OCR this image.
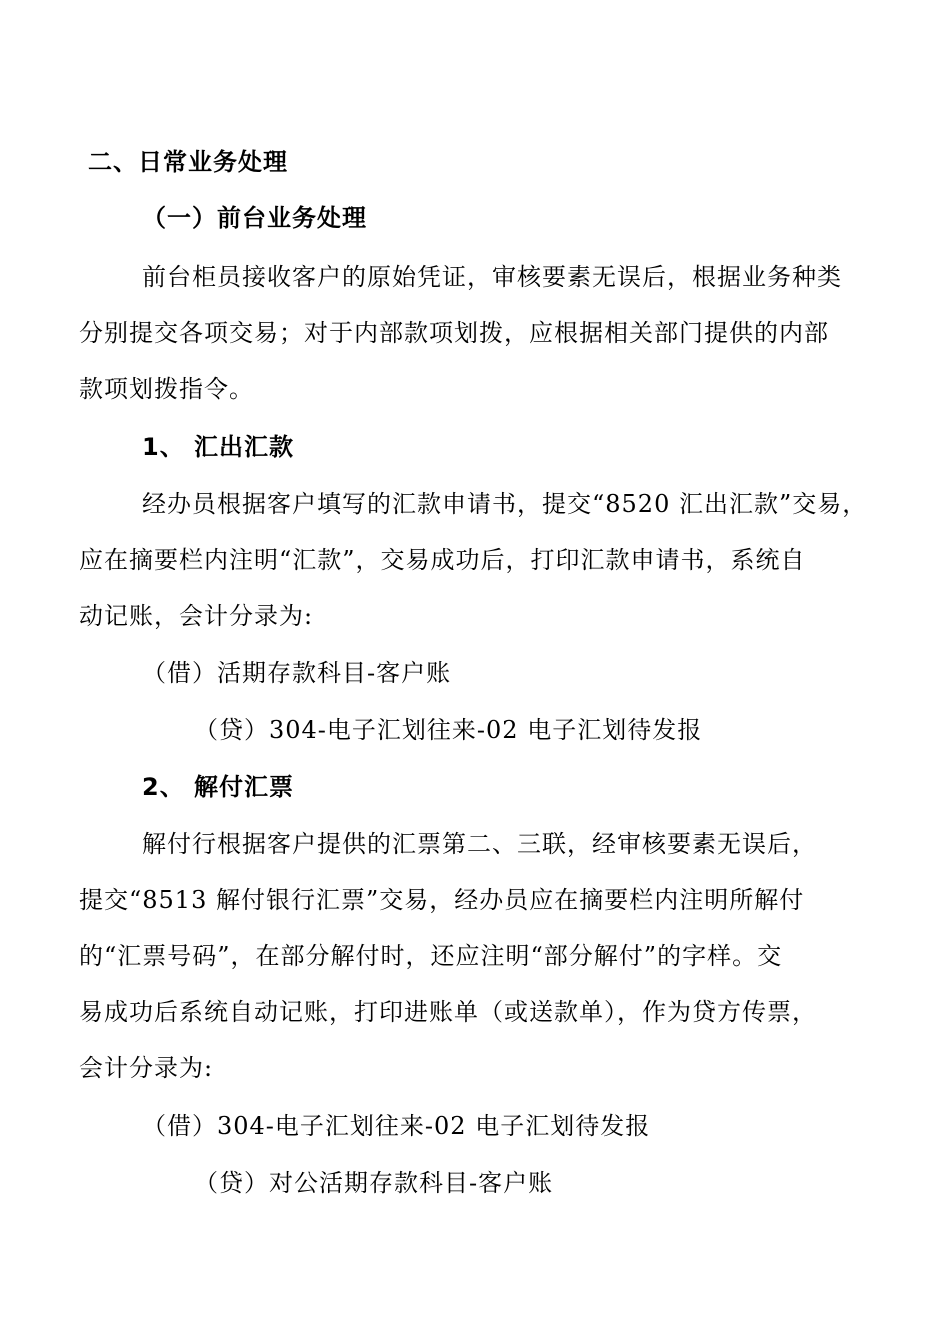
二、日常业务处理
（一）前台业务处理
前台柜员接收客户的原始凭证，审核要素无误后，根据业务种类
分别提交各项交易；对于内部款项划拨，应根据相关部门提供的内部
款项划拨指令。
1、 汇出汇款
经办员根据客户填写的汇款申请书，提交“8520 汇出汇款”交易，
应在摘要栏内注明“汇款”，交易成功后，打印汇款申请书，系统自
动记账，会计分录为:
（借）活期存款科目-客户账
（贷）304-电子汇划往来-02 电子汇划待发报
2、 解付汇票
解付行根据客户提供的汇票第二、三联，经审核要素无误后，
提交“8513 解付银行汇票”交易，经办员应在摘要栏内注明所解付
的“汇票号码”，在部分解付时，还应注明“部分解付”的字样。交
易成功后系统自动记账，打印进账单（或送款单），作为贷方传票，
会计分录为:
（借）304-电子汇划往来-02 电子汇划待发报
（贷）对公活期存款科目-客户账
